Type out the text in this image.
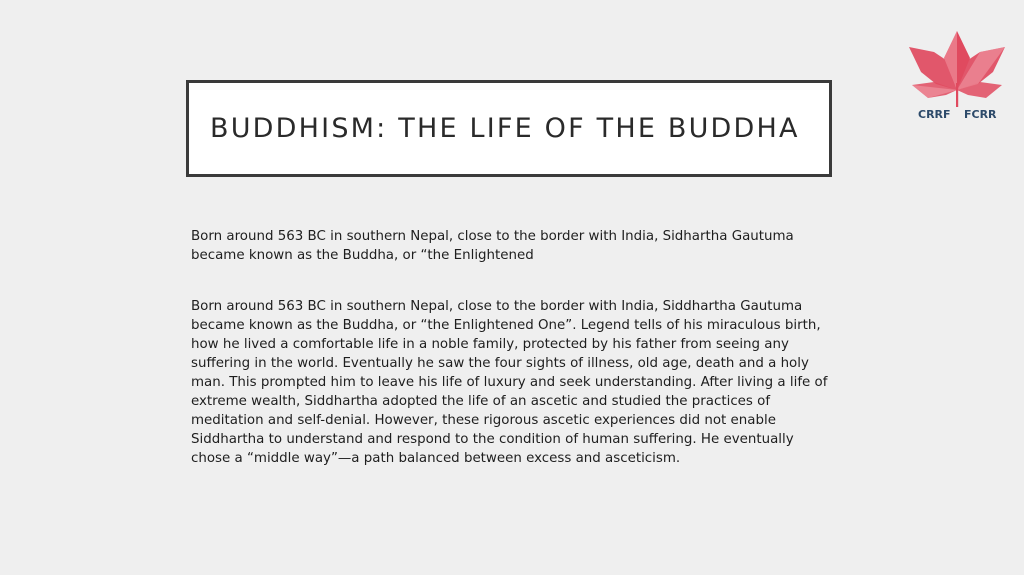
BUDDHISM: THE LIFE OF THE BUDDHA	CRRF FCRR

Born around 563 BC in southern Nepal, close to the border with India, Sidhartha Gautuma became known as the Buddha, or “the Enlightened

Born around 563 BC in southern Nepal, close to the border with India, Siddhartha Gautuma became known as the Buddha, or “the Enlightened One”. Legend tells of his miraculous birth, how he lived a comfortable life in a noble family, protected by his father from seeing any suffering in the world. Eventually he saw the four sights of illness, old age, death and a holy man. This prompted him to leave his life of luxury and seek understanding. After living a life of extreme wealth, Siddhartha adopted the life of an ascetic and studied the practices of meditation and self-denial. However, these rigorous ascetic experiences did not enable Siddhartha to understand and respond to the condition of human suffering. He eventually chose a “middle way”—a path balanced between excess and asceticism.
